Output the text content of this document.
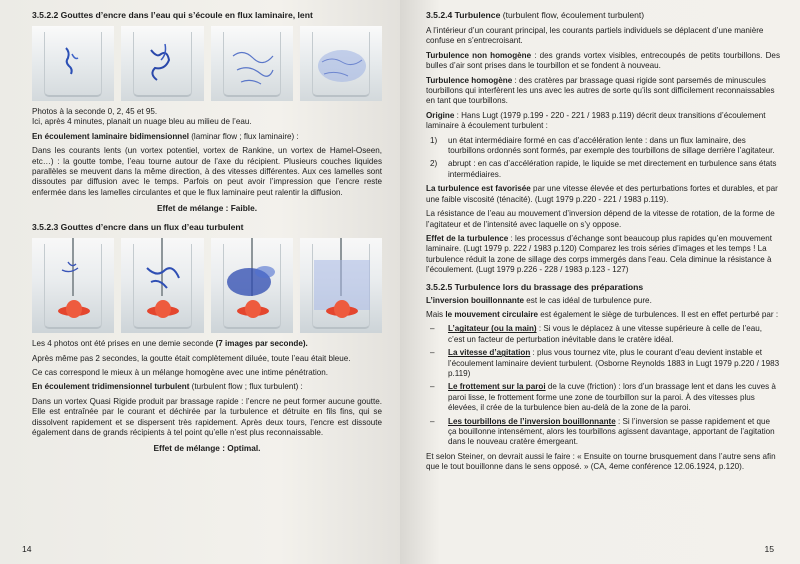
3.5.2.2 Gouttes d’encre dans l’eau qui s’écoule en flux laminaire, lent

Photos à la seconde 0, 2, 45 et 95.
Ici, après 4 minutes, planait un nuage bleu au milieu de l’eau.

En écoulement laminaire bidimensionnel (laminar flow ; flux laminaire) :

Dans les courants lents (un vortex potentiel, vortex de Rankine, un vortex de Hamel-Oseen, etc…) : la goutte tombe, l’eau tourne autour de l’axe du récipient. Plusieurs couches liquides parallèles se meuvent dans la même direction, à des vitesses différentes. Aux ces lamelles sont dissoutes par diffusion avec le temps. Parfois on peut avoir l’impression que l’encre reste enfermée dans les lamelles circulantes et que le flux laminaire peut ralentir la diffusion.

Effet de mélange : Faible.
3.5.2.3 Gouttes d’encre dans un flux d’eau turbulent

Les 4 photos ont été prises en une demie seconde (7 images par seconde).

Après même pas 2 secondes, la goutte était complètement diluée, toute l’eau était bleue.

Ce cas correspond le mieux à un mélange homogène avec une intime pénétration.

En écoulement tridimensionnel turbulent (turbulent flow ; flux turbulent) :

Dans un vortex Quasi Rigide produit par brassage rapide : l’encre ne peut former aucune goutte. Elle est entraînée par le courant et déchirée par la turbulence et détruite en fils fins, qui se dissolvent rapidement et se dispersent très rapidement. Après deux tours, l’encre est dissoute également dans de grands récipients à tel point qu’elle n’est plus reconnaissable.

Effet de mélange : Optimal.
14
3.5.2.4 Turbulence (turbulent flow, écoulement turbulent)

A l’intérieur d’un courant principal, les courants partiels individuels se déplacent d’une manière confuse en s’entrecroisant.

Turbulence non homogène : des grands vortex visibles, entrecoupés de petits tourbillons. Des bulles d’air sont prises dans le tourbillon et se fondent à nouveau.

Turbulence homogène : des cratères par brassage quasi rigide sont parsemés de minuscules tourbillons qui interfèrent les uns avec les autres de sorte qu’ils sont difficilement reconnaissables en tant que tourbillons.

Origine : Hans Lugt (1979 p.199 - 220 - 221 / 1983 p.119) décrit deux transitions d’écoulement laminaire à écoulement turbulent :

1)	un état intermédiaire formé en cas d’accélération lente : dans un flux laminaire, des tourbillons ordonnés sont formés, par exemple des tourbillons de sillage derrière l’agitateur.
2)	abrupt : en cas d’accélération rapide, le liquide se met directement en turbulence sans états intermédiaires.

La turbulence est favorisée par une vitesse élevée et des perturbations fortes et durables, et par une faible viscosité (ténacité). (Lugt 1979 p.220 - 221 / 1983 p.119).

La résistance de l’eau au mouvement d’inversion dépend de la vitesse de rotation, de la forme de l’agitateur et de l’intensité avec laquelle on s’y oppose.

Effet de la turbulence : les processus d’échange sont beaucoup plus rapides qu’en mouvement laminaire. (Lugt 1979 p. 222 / 1983 p.120) Comparez les trois séries d’images et les temps ! La turbulence réduit la zone de sillage des corps immergés dans l’eau. Cela diminue la résistance à l’écoulement. (Lugt 1979 p.226 - 228 / 1983 p.123 - 127)

3.5.2.5 Turbulence lors du brassage des préparations

L’inversion bouillonnante est le cas idéal de turbulence pure.

Mais le mouvement circulaire est également le siège de turbulences. Il est en effet perturbé par :

–	L’agitateur (ou la main) : Si vous le déplacez à une vitesse supérieure à celle de l’eau, c’est un facteur de perturbation inévitable dans le cratère idéal.
–	La vitesse d’agitation : plus vous tournez vite, plus le courant d’eau devient instable et l’écoulement laminaire devient turbulent. (Osborne Reynolds 1883 in Lugt 1979 p.220 / 1983 p.119)
–	Le frottement sur la paroi de la cuve (friction) : lors d’un brassage lent et dans les cuves à paroi lisse, le frottement forme une zone de tourbillon sur la paroi. À des vitesses plus élevées, il crée de la turbulence bien au-delà de la zone de la paroi.
–	Les tourbillons de l’inversion bouillonnante : Si l’inversion se passe rapidement et que ça bouillonne intensément, alors les tourbillons agissent davantage, apportant de l’agitation dans le nouveau cratère émergeant.

Et selon Steiner, on devrait aussi le faire : « Ensuite on tourne brusquement dans l’autre sens afin que le tout bouillonne dans le sens opposé. » (CA, 4eme conférence 12.06.1924, p.120).

15
